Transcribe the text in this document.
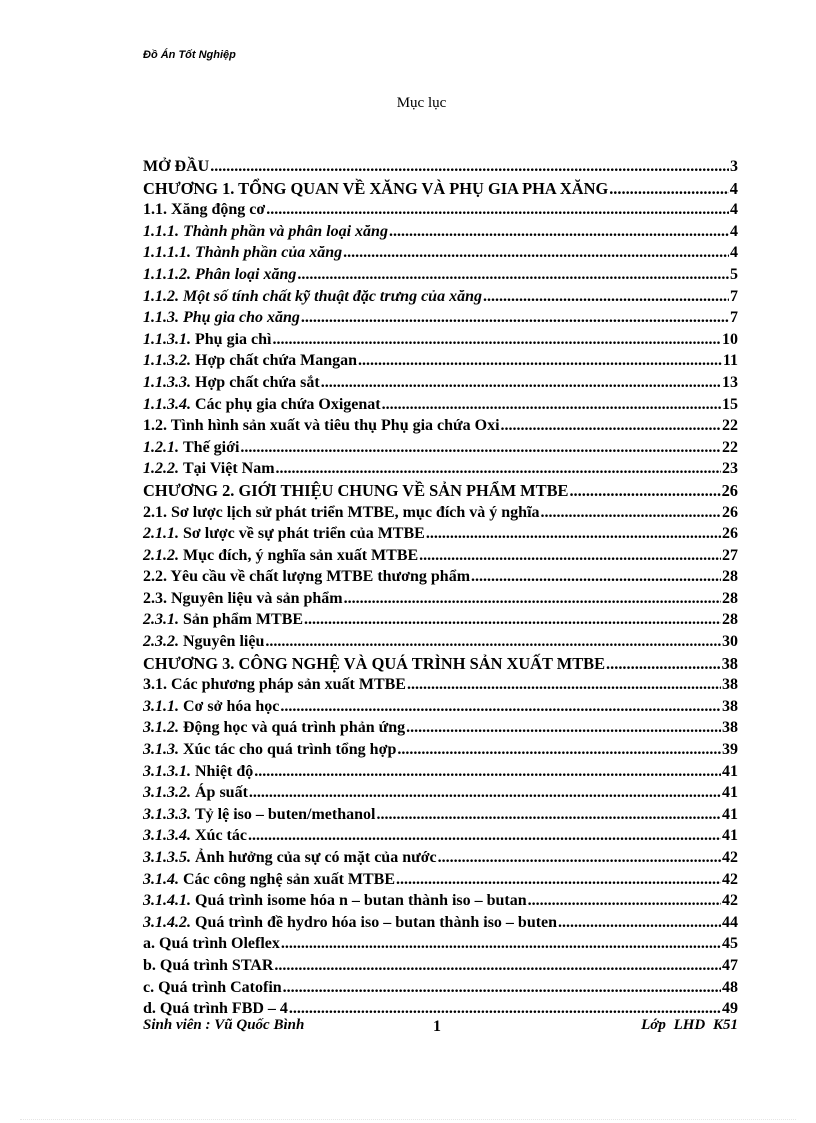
Đồ Án Tốt Nghiệp
Mục lục
MỞ ĐẦU .....	3
CHƯƠNG 1. TỔNG QUAN VỀ XĂNG VÀ PHỤ GIA PHA XĂNG .....	4
1.1. Xăng động cơ .....	4
1.1.1. Thành phần và phân loại xăng .....	4
1.1.1.1. Thành phần của xăng .....	4
1.1.1.2. Phân loại xăng .....	5
1.1.2. Một số tính chất kỹ thuật đặc trưng của xăng .....	7
1.1.3. Phụ gia cho xăng .....	7
1.1.3.1. Phụ gia chì .....	10
1.1.3.2. Hợp chất chứa Mangan .....	11
1.1.3.3. Hợp chất chứa sắt .....	13
1.1.3.4. Các phụ gia chứa Oxigenat .....	15
1.2. Tình hình sản xuất và tiêu thụ Phụ gia chứa Oxi .....	22
1.2.1. Thế giới .....	22
1.2.2. Tại Việt Nam .....	23
CHƯƠNG 2. GIỚI THIỆU CHUNG VỀ SẢN PHẨM MTBE .....	26
2.1. Sơ lược lịch sử phát triển MTBE, mục đích và ý nghĩa .....	26
2.1.1. Sơ lược về sự phát triển của MTBE .....	26
2.1.2. Mục đích, ý nghĩa sản xuất MTBE .....	27
2.2. Yêu cầu về chất lượng MTBE thương phẩm .....	28
2.3. Nguyên liệu và sản phẩm .....	28
2.3.1. Sản phẩm MTBE .....	28
2.3.2. Nguyên liệu .....	30
CHƯƠNG 3. CÔNG NGHỆ VÀ QUÁ TRÌNH SẢN XUẤT MTBE .....	38
3.1. Các phương pháp sản xuất MTBE .....	38
3.1.1. Cơ sở hóa học .....	38
3.1.2. Động học và quá trình phản ứng .....	38
3.1.3. Xúc tác cho quá trình tổng hợp .....	39
3.1.3.1. Nhiệt độ .....	41
3.1.3.2. Áp suất .....	41
3.1.3.3. Tỷ lệ iso – buten/methanol .....	41
3.1.3.4. Xúc tác .....	41
3.1.3.5. Ảnh hưởng của sự có mặt của nước .....	42
3.1.4. Các công nghệ sản xuất MTBE .....	42
3.1.4.1. Quá trình isome hóa n – butan thành iso – butan .....	42
3.1.4.2. Quá trình đề hydro hóa iso – butan thành iso – buten .....	44
a. Quá trình Oleflex .....	45
b. Quá trình STAR .....	47
c. Quá trình Catofin .....	48
d. Quá trình FBD – 4 .....	49
Sinh viên : Vũ Quốc Bình	1	Lớp LHD K51
